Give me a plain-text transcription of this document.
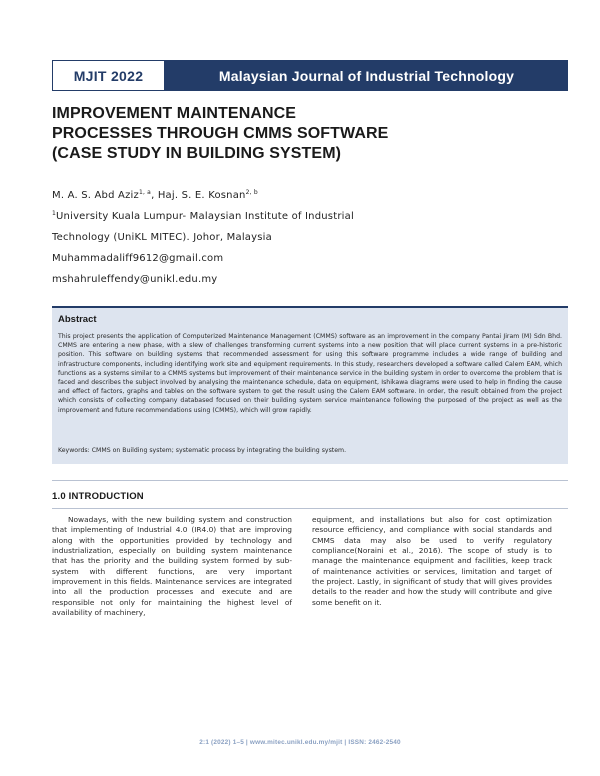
MJIT 2022	Malaysian Journal of Industrial Technology
IMPROVEMENT MAINTENANCE
PROCESSES THROUGH CMMS SOFTWARE
(CASE STUDY IN BUILDING SYSTEM)
M. A. S. Abd Aziz$^{1, a}$, Haj. S. E. Kosnan$^{2, b}$
$^1$University Kuala Lumpur- Malaysian Institute of Industrial
Technology (UniKL MITEC). Johor, Malaysia
Muhammadaliff9612@gmail.com
mshahruleffendy@unikl.edu.my
Abstract
This project presents the application of Computerized Maintenance Management (CMMS) software as an improvement in the company Pantai Jiram (M) Sdn Bhd. CMMS are entering a new phase, with a slew of challenges transforming current systems into a new position that will place current systems in a pre-historic position. This software on building systems that recommended assessment for using this software programme includes a wide range of building and infrastructure components, including identifying work site and equipment requirements. In this study, researchers developed a software called Calem EAM, which functions as a systems similar to a CMMS systems but improvement of their maintenance service in the building system in order to overcome the problem that is faced and describes the subject involved by analysing the maintenance schedule, data on equipment, Ishikawa diagrams were used to help in finding the cause and effect of factors, graphs and tables on the software system to get the result using the Calem EAM software. In order, the result obtained from the project which consists of collecting company databased focused on their building system service maintenance following the purposed of the project as well as the improvement and future recommendations using (CMMS), which will grow rapidly.
Keywords: CMMS on Building system; systematic process by integrating the building system.
1.0 INTRODUCTION
Nowadays, with the new building system and construction that implementing of Industrial 4.0 (IR4.0) that are improving along with the opportunities provided by technology and industrialization, especially on building system maintenance that has the priority and the building system formed by sub-system with different functions, are very important improvement in this fields. Maintenance services are integrated into all the production processes and execute and are responsible not only for maintaining the highest level of availability of machinery,
equipment, and installations but also for cost optimization resource efficiency, and compliance with social standards and CMMS data may also be used to verify regulatory compliance(Noraini et al., 2016). The scope of study is to manage the maintenance equipment and facilities, keep track of maintenance activities or services, limitation and target of the project. Lastly, in significant of study that will gives provides details to the reader and how the study will contribute and give some benefit on it.
2:1 (2022) 1–5 | www.mitec.unikl.edu.my/mjit | ISSN: 2462-2540
